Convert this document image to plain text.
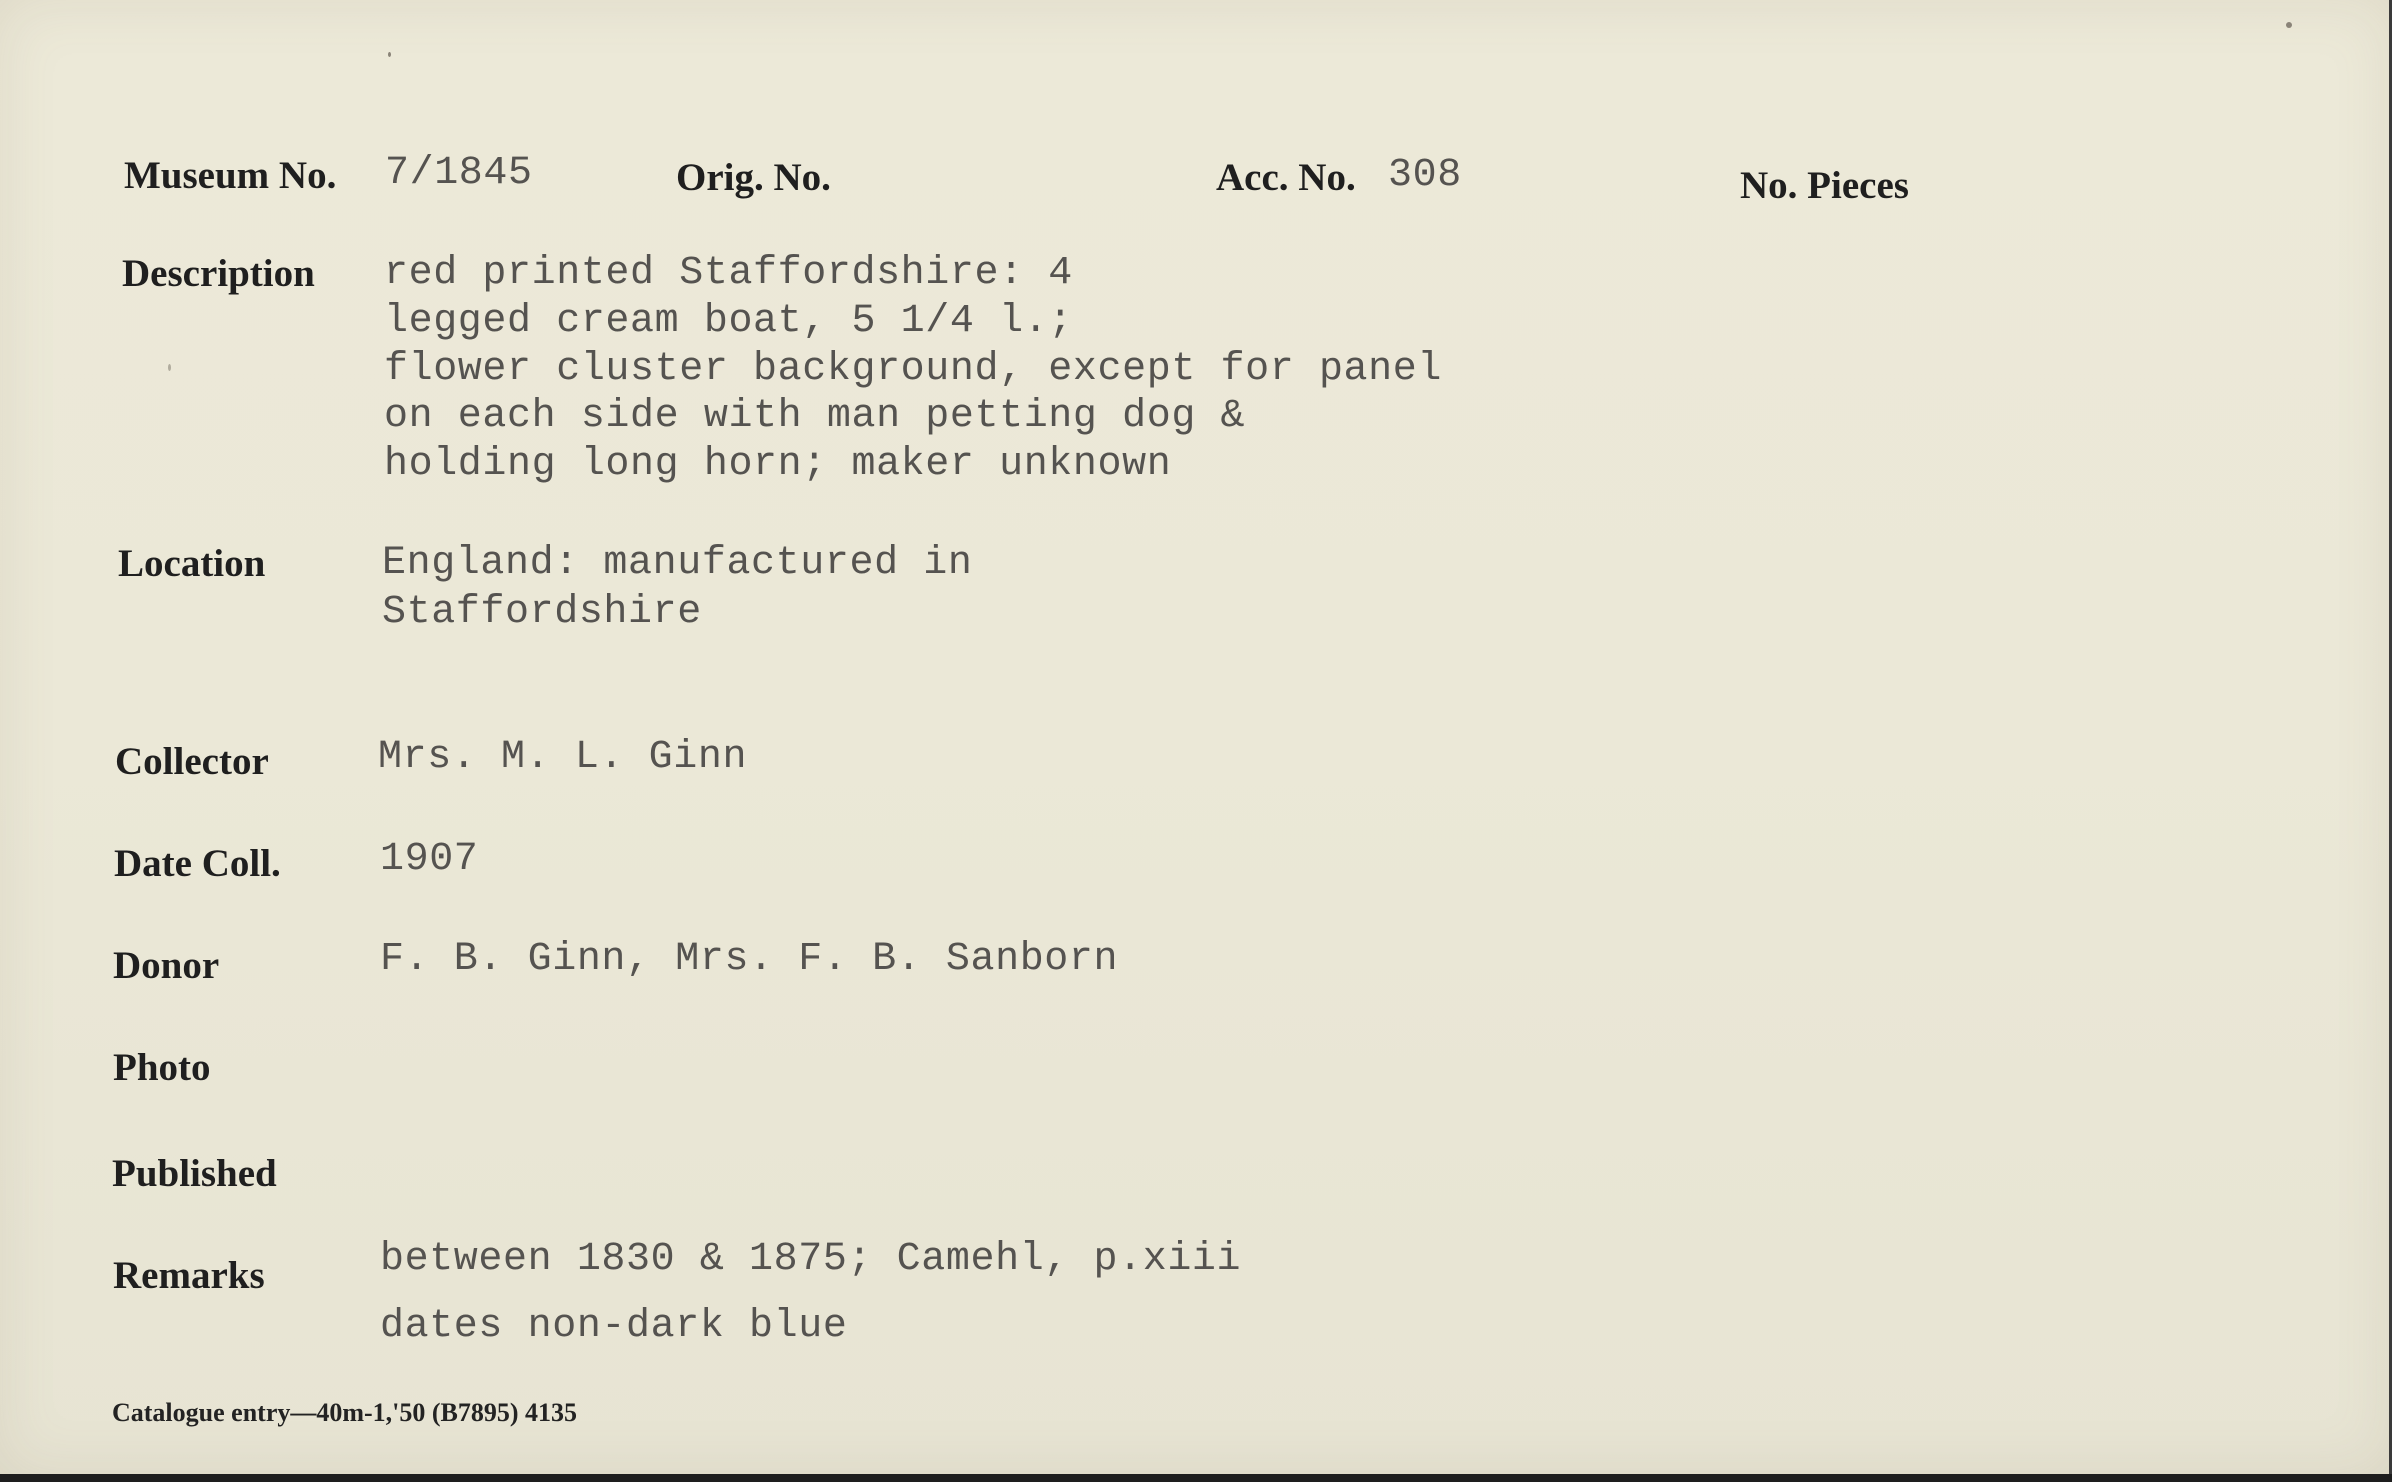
Museum No. 7/1845	Orig. No.	Acc. No. 308	No. Pieces
Description red printed Staffordshire: 4
legged cream boat, 5 1/4 l.;
flower cluster background, except for panel
on each side with man petting dog &
holding long horn; maker unknown
Location	England: manufactured in
Staffordshire
Collector	Mrs. M. L. Ginn
Date Coll. 1907
Donor	F. B. Ginn, Mrs. F. B. Sanborn
Photo
Published
Remarks	between 1830 & 1875; Camehl, p.xiii
dates non-dark blue
Catalogue entry—40m-1,'50 (B7895) 4135
